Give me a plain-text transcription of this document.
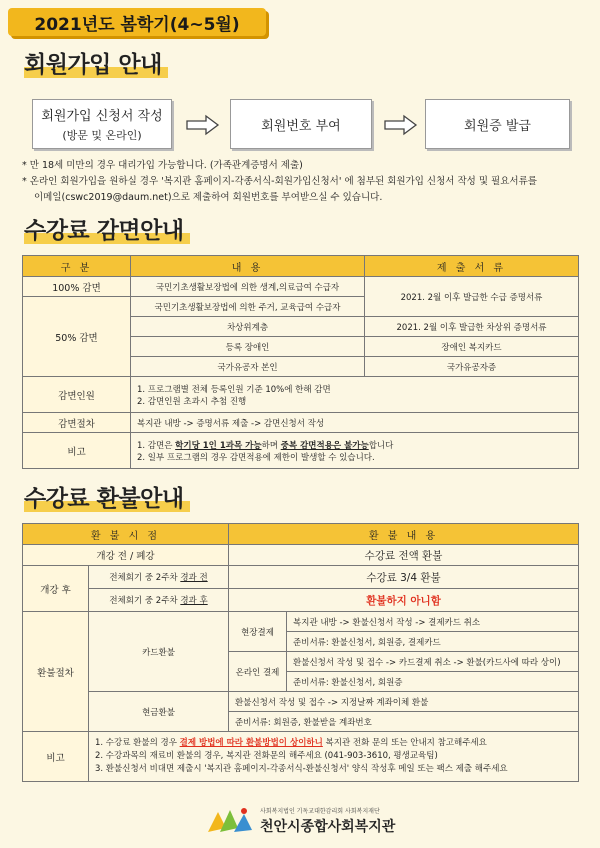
2021년도 봄학기(4~5월)
회원가입 안내
회원가입 신청서 작성
(방문 및 온라인)
회원번호 부여	회원증 발급
* 만 18세 미만의 경우 대리가입 가능합니다. (가족관계증명서 제출)
* 온라인 회원가입을 원하실 경우 '복지관 홈페이지-각종서식-회원가입신청서' 에 첨부된 회원가입 신청서 작성 및 필요서류를
이메일(cswc2019@daum.net)으로 제출하여 회원번호를 부여받으실 수 있습니다.
수강료 감면안내
구 분	내 용	제 출 서 류
100% 감면	국민기초생활보장법에 의한 생계,의료급여 수급자	2021. 2월 이후 발급한 수급 증명서류
50% 감면	국민기초생활보장법에 의한 주거, 교육급여 수급자	
	차상위계층	2021. 2월 이후 발급한 차상위 증명서류
	등록 장애인	장애인 복지카드
	국가유공자 본인	국가유공자증
감면인원	1. 프로그램별 전체 등록인원 기준 10%에 한해 감면
2. 감면인원 초과시 추첨 진행	

감면절차	복지관 내방 -> 증명서류 제출 -> 감면신청서 작성	
비고	1. 감면은 학기당 1인 1과목 가능하며 중복 감면적용은 불가능합니다
2. 일부 프로그램의 경우 감면적용에 제한이 발생할 수 있습니다.	
수강료 환불안내
환 불 시 점		환 불 내 용	
개강 전 / 폐강		수강료 전액 환불	
개강 후	전체회기 중 2주차 경과 전	수강료 3/4 환불	
	전체회기 중 2주차 경과 후	환불하지 아니함	
환불절차	카드환불	현장결제	복지관 내방 -> 환불신청서 작성 -> 결제카드 취소
			준비서류: 환불신청서, 회원증, 결제카드
		온라인 결제	환불신청서 작성 및 접수 -> 카드결제 취소 -> 환불(카드사에 따라 상이)
			준비서류: 환불신청서, 회원증
	현금환불	환불신청서 작성 및 접수 -> 지정날짜 계좌이체 환불	
		준비서류: 회원증, 환불받을 계좌번호	
비고	1. 수강료 환불의 경우 결제 방법에 따라 환불방법이 상이하니 복지관 전화 문의 또는 안내지 참고해주세요
2. 수강과목의 재료비 환불의 경우, 복지관 전화문의 해주세요 (041-903-3610, 평생교육팀)
3. 환불신청서 비대면 제출시 '복지관 홈페이지-각종서식-환불신청서' 양식 작성후 메일 또는 팩스 제출 해주세요		
사회복지법인 기독교대한감리회 사회복지재단
천안시종합사회복지관
